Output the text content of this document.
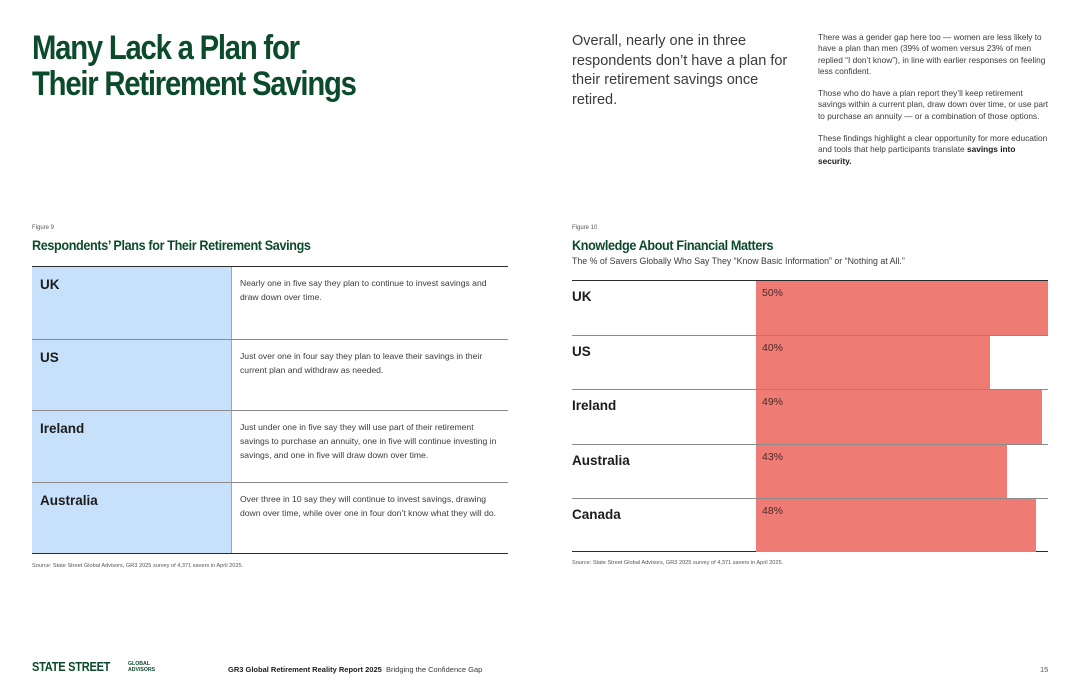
Many Lack a Plan for
Their Retirement Savings

Overall, nearly one in three respondents don’t have a plan for their retirement savings once retired.

There was a gender gap here too — women are less likely to have a plan than men (39% of women versus 23% of men replied “I don’t know”), in line with earlier responses on feeling less confident.

Those who do have a plan report they’ll keep retirement savings within a current plan, draw down over time, or use part to purchase an annuity — or a combination of those options.

These findings highlight a clear opportunity for more education and tools that help participants translate savings into security.

Figure 9
Respondents’ Plans for Their Retirement Savings
UK	Nearly one in five say they plan to continue to invest savings and draw down over time.
US	Just over one in four say they plan to leave their savings in their current plan and withdraw as needed.
Ireland	Just under one in five say they will use part of their retirement savings to purchase an annuity, one in five will continue investing in savings, and one in five will draw down over time.
Australia	Over three in 10 say they will continue to invest savings, drawing down over time, while over one in four don’t know what they will do.
Source: State Street Global Advisors, GR3 2025 survey of 4,371 savers in April 2025.
Figure 10
Knowledge About Financial Matters
The % of Savers Globally Who Say They “Know Basic Information” or “Nothing at All.”
UK	50%
US	40%
Ireland	49%
Australia	43%
Canada	48%
Source: State Street Global Advisors, GR3 2025 survey of 4,371 savers in April 2025.
STATE STREET	GLOBAL
ADVISORS	GR3 Global Retirement Reality Report 2025 Bridging the Confidence Gap	15
